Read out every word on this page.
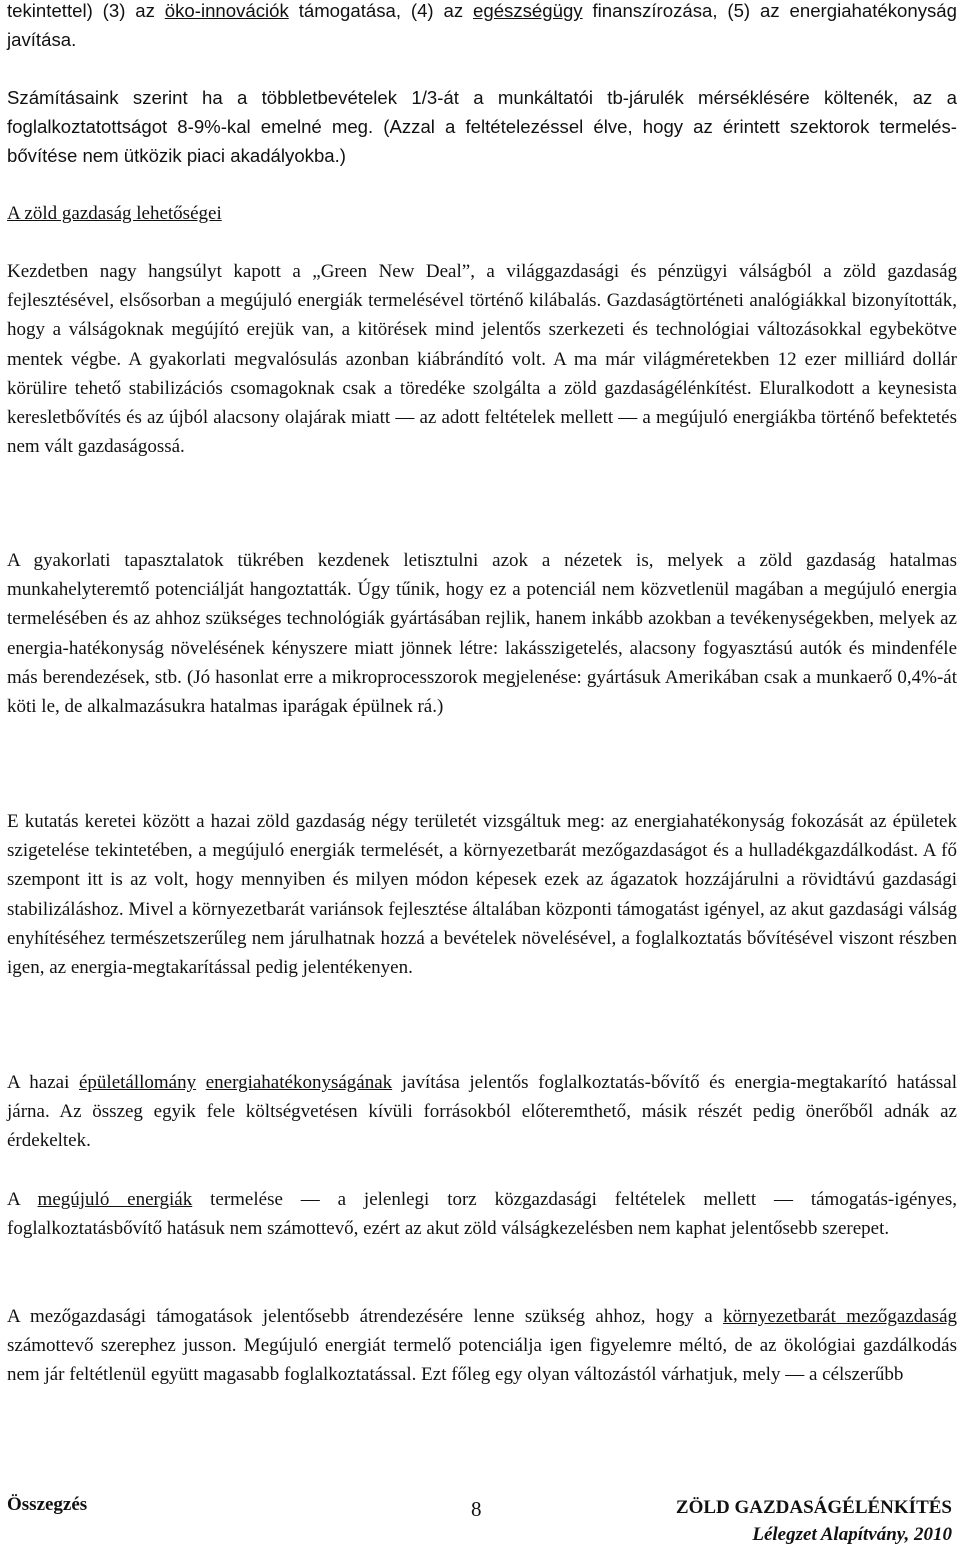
tekintettel) (3) az öko-innovációk támogatása, (4) az egészségügy finanszírozása, (5) az energiahatékonyság javítása.

Számításaink szerint ha a többletbevételek 1/3-át a munkáltatói tb-járulék mérséklésére költenék, az a foglalkoztatottságot 8-9%-kal emelné meg. (Azzal a feltételezéssel élve, hogy az érintett szektorok termelés-bővítése nem ütközik piaci akadályokba.)

A zöld gazdaság lehetőségei

Kezdetben nagy hangsúlyt kapott a „Green New Deal”, a világgazdasági és pénzügyi válságból a zöld gazdaság fejlesztésével, elsősorban a megújuló energiák termelésével történő kilábalás. Gazdaságtörténeti analógiákkal bizonyították, hogy a válságoknak megújító erejük van, a kitörések mind jelentős szerkezeti és technológiai változásokkal egybekötve mentek végbe. A gyakorlati megvalósulás azonban kiábrándító volt. A ma már világméretekben 12 ezer milliárd dollár körülire tehető stabilizációs csomagoknak csak a töredéke szolgálta a zöld gazdaságélénkítést. Eluralkodott a keynesista keresletbővítés és az újból alacsony olajárak miatt — az adott feltételek mellett — a megújuló energiákba történő befektetés nem vált gazdaságossá.

A gyakorlati tapasztalatok tükrében kezdenek letisztulni azok a nézetek is, melyek a zöld gazdaság hatalmas munkahelyteremtő potenciálját hangoztatták. Úgy tűnik, hogy ez a potenciál nem közvetlenül magában a megújuló energia termelésében és az ahhoz szükséges technológiák gyártásában rejlik, hanem inkább azokban a tevékenységekben, melyek az energia-hatékonyság növelésének kényszere miatt jönnek létre: lakásszigetelés, alacsony fogyasztású autók és mindenféle más berendezések, stb. (Jó hasonlat erre a mikroprocesszorok megjelenése: gyártásuk Amerikában csak a munkaerő 0,4%-át köti le, de alkalmazásukra hatalmas iparágak épülnek rá.)

E kutatás keretei között a hazai zöld gazdaság négy területét vizsgáltuk meg: az energiahatékonyság fokozását az épületek szigetelése tekintetében, a megújuló energiák termelését, a környezetbarát mezőgazdaságot és a hulladékgazdálkodást. A fő szempont itt is az volt, hogy mennyiben és milyen módon képesek ezek az ágazatok hozzájárulni a rövidtávú gazdasági stabilizáláshoz. Mivel a környezetbarát variánsok fejlesztése általában központi támogatást igényel, az akut gazdasági válság enyhítéséhez természetszerűleg nem járulhatnak hozzá a bevételek növelésével, a foglalkoztatás bővítésével viszont részben igen, az energia-megtakarítással pedig jelentékenyen.

A hazai épületállomány energiahatékonyságának javítása jelentős foglalkoztatás-bővítő és energia-megtakarító hatással járna. Az összeg egyik fele költségvetésen kívüli forrásokból előteremthető, másik részét pedig önerőből adnák az érdekeltek.

A megújuló energiák termelése — a jelenlegi torz közgazdasági feltételek mellett — támogatás-igényes, foglalkoztatásbővítő hatásuk nem számottevő, ezért az akut zöld válságkezelésben nem kaphat jelentősebb szerepet.

A mezőgazdasági támogatások jelentősebb átrendezésére lenne szükség ahhoz, hogy a környezetbarát mezőgazdaság számottevő szerephez jusson. Megújuló energiát termelő potenciálja igen figyelemre méltó, de az ökológiai gazdálkodás nem jár feltétlenül együtt magasabb foglalkoztatással. Ezt főleg egy olyan változástól várhatjuk, mely — a célszerűbb

Összegzés	8	ZÖLD GAZDASÁGÉLÉNKÍTÉS
Lélegzet Alapítvány, 2010
